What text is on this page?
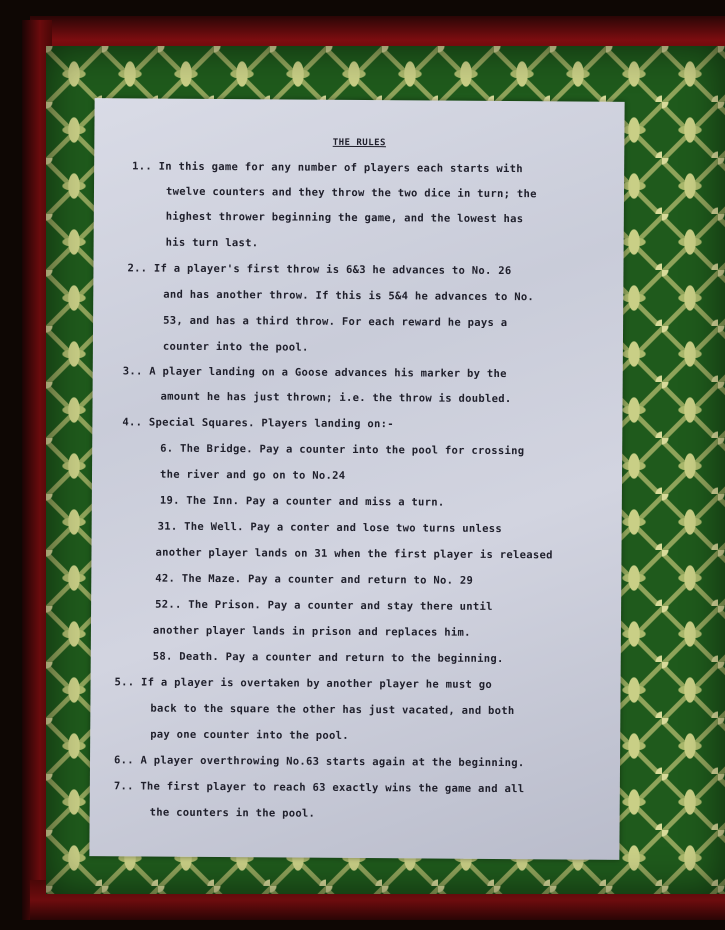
THE RULES
1.. In this game for any number of players each starts with
twelve counters and they throw the two dice in turn; the
highest thrower beginning the game, and the lowest has
his turn last.
2.. If a player's first throw is 6&3 he advances to No. 26
and has another throw. If this is 5&4 he advances to No.
53, and has a third throw. For each reward he pays a
counter into the pool.
3.. A player landing on a Goose advances his marker by the
amount he has just thrown; i.e. the throw is doubled.
4.. Special Squares. Players landing on:-
6. The Bridge. Pay a counter into the pool for crossing
the river and go on to No.24
19. The Inn. Pay a counter and miss a turn.
31. The Well. Pay a conter and lose two turns unless
another player lands on 31 when the first player is released
42. The Maze. Pay a counter and return to No. 29
52.. The Prison. Pay a counter and stay there until
another player lands in prison and replaces him.
58. Death. Pay a counter and return to the beginning.
5.. If a player is overtaken by another player he must go
back to the square the other has just vacated, and both
pay one counter into the pool.
6.. A player overthrowing No.63 starts again at the beginning.
7.. The first player to reach 63 exactly wins the game and all
the counters in the pool.
